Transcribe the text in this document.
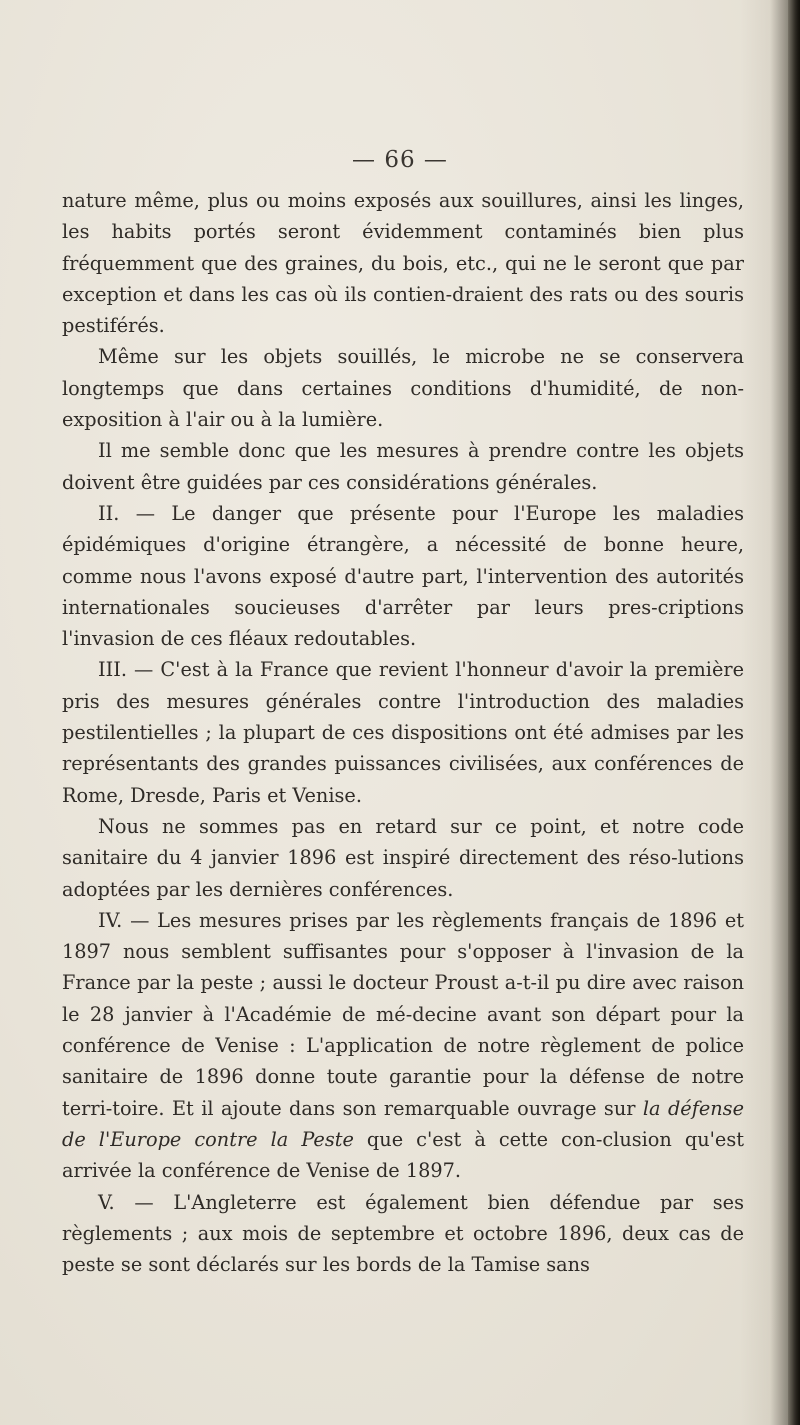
— 66 —

nature même, plus ou moins exposés aux souillures, ainsi les linges, les habits portés seront évidemment contaminés bien plus fréquemment que des graines, du bois, etc., qui ne le seront que par exception et dans les cas où ils contien-draient des rats ou des souris pestiférés.

Même sur les objets souillés, le microbe ne se conservera longtemps que dans certaines conditions d'humidité, de non-exposition à l'air ou à la lumière.

Il me semble donc que les mesures à prendre contre les objets doivent être guidées par ces considérations générales.

II. — Le danger que présente pour l'Europe les maladies épidémiques d'origine étrangère, a nécessité de bonne heure, comme nous l'avons exposé d'autre part, l'intervention des autorités internationales soucieuses d'arrêter par leurs pres-criptions l'invasion de ces fléaux redoutables.

III. — C'est à la France que revient l'honneur d'avoir la première pris des mesures générales contre l'introduction des maladies pestilentielles ; la plupart de ces dispositions ont été admises par les représentants des grandes puissances civilisées, aux conférences de Rome, Dresde, Paris et Venise.

Nous ne sommes pas en retard sur ce point, et notre code sanitaire du 4 janvier 1896 est inspiré directement des réso-lutions adoptées par les dernières conférences.

IV. — Les mesures prises par les règlements français de 1896 et 1897 nous semblent suffisantes pour s'opposer à l'invasion de la France par la peste ; aussi le docteur Proust a-t-il pu dire avec raison le 28 janvier à l'Académie de mé-decine avant son départ pour la conférence de Venise : L'application de notre règlement de police sanitaire de 1896 donne toute garantie pour la défense de notre terri-toire. Et il ajoute dans son remarquable ouvrage sur la défense de l'Europe contre la Peste que c'est à cette con-clusion qu'est arrivée la conférence de Venise de 1897.

V. — L'Angleterre est également bien défendue par ses règlements ; aux mois de septembre et octobre 1896, deux cas de peste se sont déclarés sur les bords de la Tamise sans
